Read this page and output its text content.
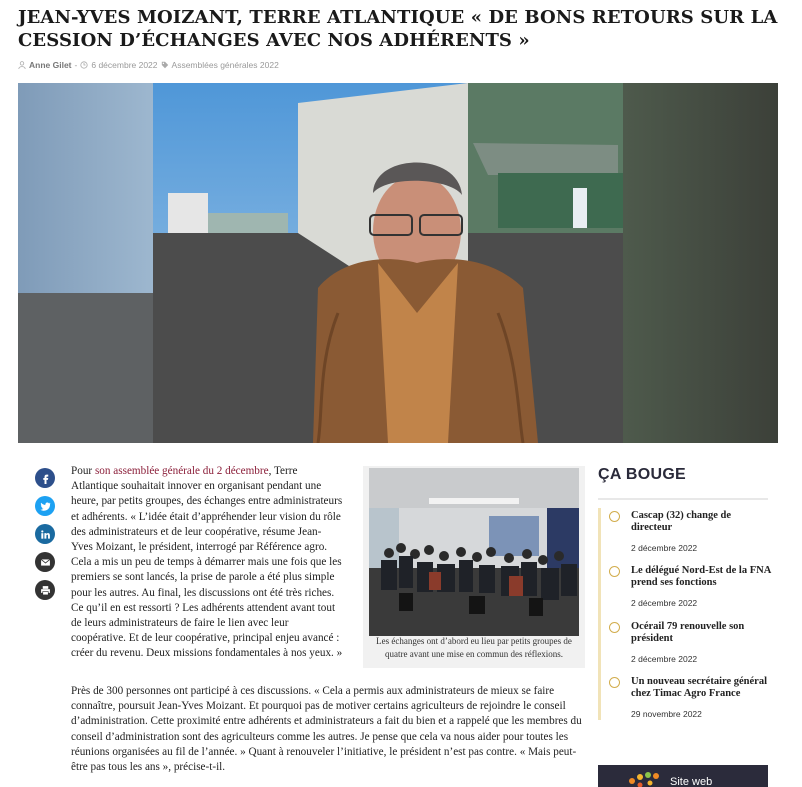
JEAN-YVES MOIZANT, TERRE ATLANTIQUE « DE BONS RETOURS SUR LA CESSION D’ÉCHANGES AVEC NOS ADHÉRENTS »
Anne Gilet - 6 décembre 2022 Assemblées générales 2022

Pour son assemblée générale du 2 décembre, Terre Atlantique souhaitait innover en organisant pendant une heure, par petits groupes, des échanges entre administrateurs et adhérents. « L’idée était d’appréhender leur vision du rôle des administrateurs et de leur coopérative, résume Jean-Yves Moizant, le président, interrogé par Référence agro. Cela a mis un peu de temps à démarrer mais une fois que les premiers se sont lancés, la prise de parole a été plus simple pour les autres. Au final, les discussions ont été très riches. Ce qu’il en est ressorti ? Les adhérents attendent avant tout de leurs administrateurs de faire le lien avec leur coopérative. Et de leur coopérative, principal enjeu avancé : créer du revenu. Deux missions fondamentales à nos yeux. »

Les échanges ont d’abord eu lieu par petits groupes de quatre avant une mise en commun des réflexions.

Près de 300 personnes ont participé à ces discussions. « Cela a permis aux administrateurs de mieux se faire connaître, poursuit Jean-Yves Moizant. Et pourquoi pas de motiver certains agriculteurs de rejoindre le conseil d’administration. Cette proximité entre adhérents et administrateurs a fait du bien et a rappelé que les membres du conseil d’administration sont des agriculteurs comme les autres. Je pense que cela va nous aider pour toutes les réunions organisées au fil de l’année. » Quant à renouveler l’initiative, le président n’est pas contre. « Mais peut-être pas tous les ans », précise-t-il.

ÇA BOUGE
Cascap (32) change de directeur
2 décembre 2022
Le délégué Nord-Est de la FNA prend ses fonctions
2 décembre 2022
Océrail 79 renouvelle son président
2 décembre 2022
Un nouveau secrétaire général chez Timac Agro France
29 novembre 2022
Site web
